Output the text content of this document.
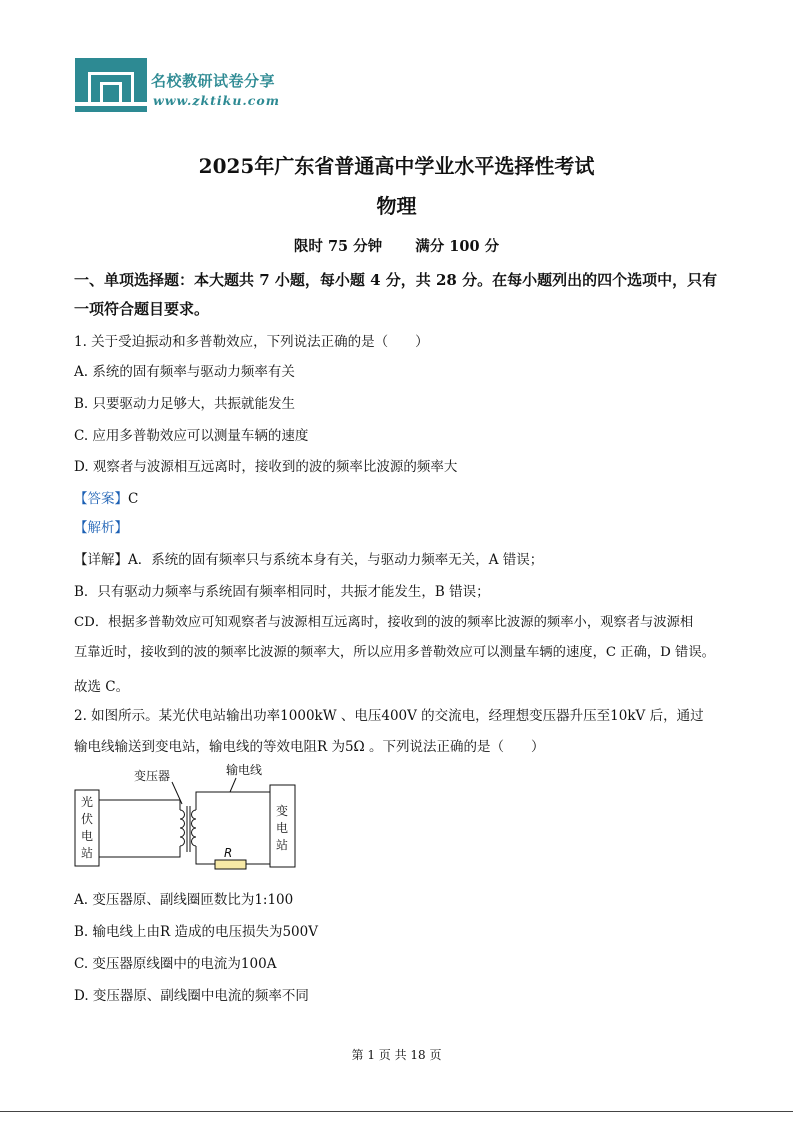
名校教研试卷分享
www.zktiku.com
2025年广东省普通高中学业水平选择性考试
物理
限时 75 分钟 满分 100 分
一、单项选择题：本大题共 7 小题，每小题 4 分，共 28 分。在每小题列出的四个选项中，只有一项符合题目要求。
1. 关于受迫振动和多普勒效应，下列说法正确的是（　　）
A. 系统的固有频率与驱动力频率有关
B. 只要驱动力足够大，共振就能发生
C. 应用多普勒效应可以测量车辆的速度
D. 观察者与波源相互远离时，接收到的波的频率比波源的频率大
【答案】C
【解析】
【详解】A．系统的固有频率只与系统本身有关，与驱动力频率无关，A 错误；
B．只有驱动力频率与系统固有频率相同时，共振才能发生，B 错误；
CD．根据多普勒效应可知观察者与波源相互远离时，接收到的波的频率比波源的频率小，观察者与波源相
互靠近时，接收到的波的频率比波源的频率大，所以应用多普勒效应可以测量车辆的速度，C 正确，D 错误。
故选 C。
2. 如图所示。某光伏电站输出功率1000kW 、电压400V 的交流电，经理想变压器升压至10kV 后，通过
输电线输送到变电站，输电线的等效电阻R 为5Ω 。下列说法正确的是（　　）
光
伏
电
站
变
电
站
变压器	输电线
R
A. 变压器原、副线圈匝数比为1:100
B. 输电线上由R 造成的电压损失为500V
C. 变压器原线圈中的电流为100A
D. 变压器原、副线圈中电流的频率不同
第 1 页 共 18 页
